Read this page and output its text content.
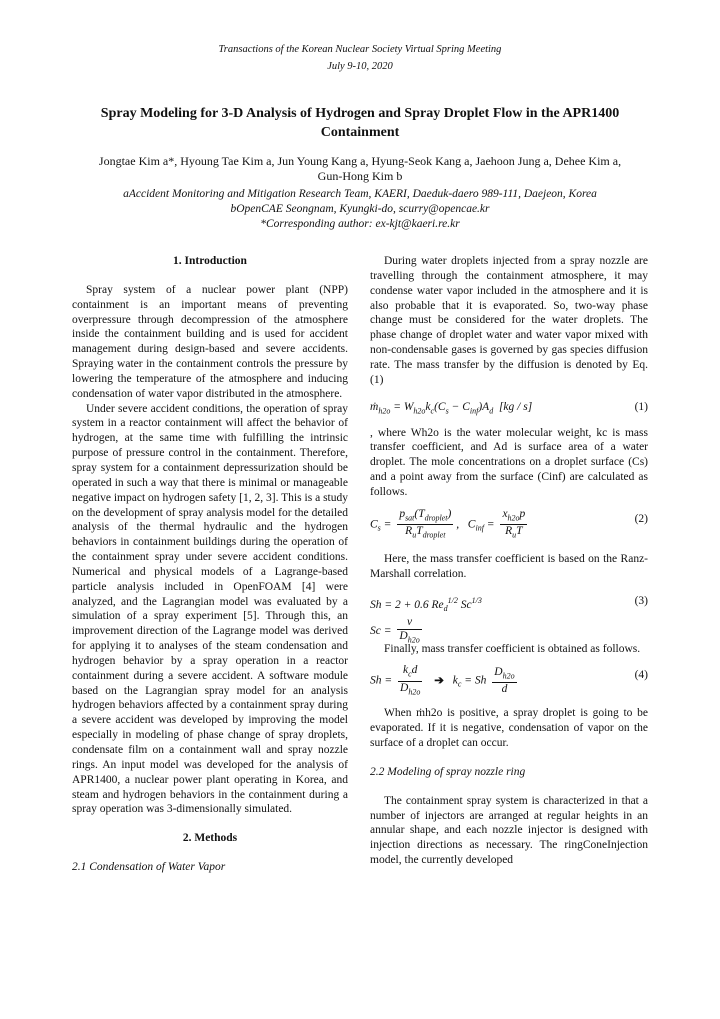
Transactions of the Korean Nuclear Society Virtual Spring Meeting
July 9-10, 2020
Spray Modeling for 3-D Analysis of Hydrogen and Spray Droplet Flow in the APR1400 Containment
Jongtae Kim a*, Hyoung Tae Kim a, Jun Young Kang a, Hyung-Seok Kang a, Jaehoon Jung a, Dehee Kim a,
Gun-Hong Kim b
aAccident Monitoring and Mitigation Research Team, KAERI, Daeduk-daero 989-111, Daejeon, Korea
bOpenCAE Seongnam, Kyungki-do, scurry@opencae.kr
*Corresponding author: ex-kjt@kaeri.re.kr
1. Introduction

Spray system of a nuclear power plant (NPP) containment is an important means of preventing overpressure through decompression of the atmosphere inside the containment building and is used for accident management during design-based and severe accidents. Spraying water in the containment controls the pressure by lowering the temperature of the atmosphere and inducing condensation of water vapor distributed in the atmosphere.

Under severe accident conditions, the operation of spray system in a reactor containment will affect the behavior of hydrogen, at the same time with fulfilling the intrinsic purpose of pressure control in the containment. Therefore, spray system for a containment depressurization should be operated in such a way that there is minimal or manageable negative impact on hydrogen safety [1, 2, 3]. This is a study on the development of spray analysis model for the detailed analysis of the thermal hydraulic and the hydrogen behaviors in containment buildings during the operation of the containment spray under severe accident conditions. Numerical and physical models of a Lagrange-based particle analysis included in OpenFOAM [4] were analyzed, and the Lagrangian model was evaluated by a simulation of a spray experiment [5]. Through this, an improvement direction of the Lagrange model was derived for applying it to analyses of the steam condensation and hydrogen behavior by a spray operation in a reactor containment during a severe accident. A software module based on the Lagrangian spray model for an analysis hydrogen behaviors affected by a containment spray during a severe accident was developed by improving the model especially in modeling of phase change of spray droplets, condensate film on a containment wall and spray nozzle rings. An input model was developed for the analysis of APR1400, a nuclear power plant operating in Korea, and steam and hydrogen behaviors in the containment during a spray operation was 3-dimensionally simulated.

2. Methods
2.1 Condensation of Water Vapor

During water droplets injected from a spray nozzle are travelling through the containment atmosphere, it may condense water vapor included in the atmosphere and it is also probable that it is evaporated. So, two-way phase change must be considered for the water droplets. The phase change of droplet water and water vapor mixed with non-condensable gases is governed by gas species diffusion rate. The mass transfer by the diffusion is denoted by Eq. (1)

ṁ$_{h2o}$ = $W_{h2o}k_c(C_s - C_{inf})A_d$  [kg / s]	(1)

, where Wh2o is the water molecular weight, kc is mass transfer coefficient, and Ad is surface area of a water droplet. The mole concentrations on a droplet surface (Cs) and a point away from the surface (Cinf) are calculated as follows.

$C_s = \frac{p_{sat}(T_{droplet})}{R_uT_{droplet}}$ ,   $C_{inf} = \frac{x_{h2o}p}{R_uT}$	(2)

Here, the mass transfer coefficient is based on the Ranz-Marshall correlation.

Sh = 2 + 0.6 $Re_d^{1/2}$ $Sc^{1/3}$
$Sc = \frac{\nu}{D_{h2o}}$
(3)

Finally, mass transfer coefficient is obtained as follows.

$Sh = \frac{k_cd}{D_{h2o}}$ ➔ $k_c = Sh \frac{D_{h2o}}{d}$	(4)

When ṁh2o is positive, a spray droplet is going to be evaporated. If it is negative, condensation of vapor on the surface of a droplet can occur.

2.2 Modeling of spray nozzle ring

The containment spray system is characterized in that a number of injectors are arranged at regular heights in an annular shape, and each nozzle injector is designed with injection directions as necessary. The ringConeInjection model, the currently developed
